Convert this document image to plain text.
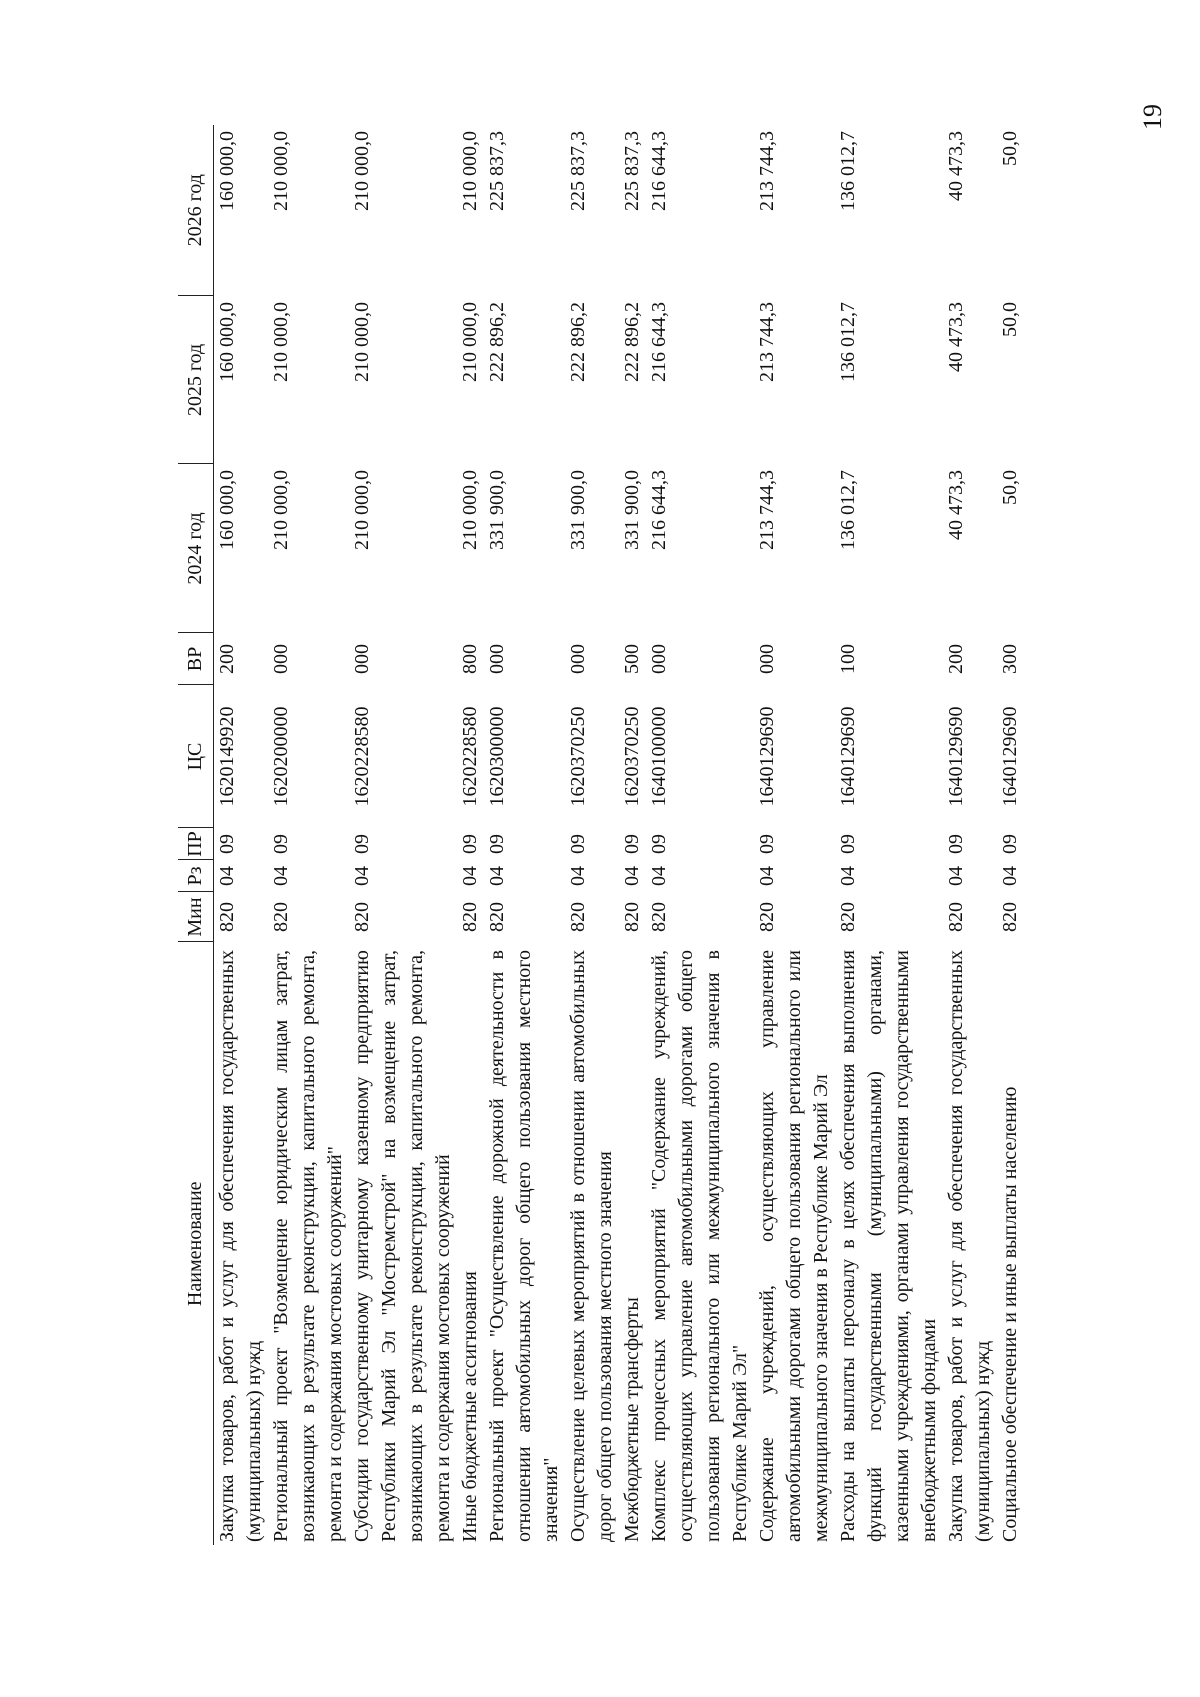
19
Наименование	Мин	Рз	ПР	ЦС	ВР	2024 год	2025 год	2026 год
Закупка товаров, работ и услуг для обеспечения государственных (муниципальных) нужд	820	04	09	1620149920	200	160 000,0	160 000,0	160 000,0
Региональный проект "Возмещение юридическим лицам затрат, возникающих в результате реконструкции, капитального ремонта, ремонта и содержания мостовых сооружений"	820	04	09	1620200000	000	210 000,0	210 000,0	210 000,0
Субсидии государственному унитарному казенному предприятию Республики Марий Эл "Мостремстрой" на возмещение затрат, возникающих в результате реконструкции, капитального ремонта, ремонта и содержания мостовых сооружений	820	04	09	1620228580	000	210 000,0	210 000,0	210 000,0
Иные бюджетные ассигнования	820	04	09	1620228580	800	210 000,0	210 000,0	210 000,0
Региональный проект "Осуществление дорожной деятельности в отношении автомобильных дорог общего пользования местного значения"	820	04	09	1620300000	000	331 900,0	222 896,2	225 837,3
Осуществление целевых мероприятий в отношении автомобильных дорог общего пользования местного значения	820	04	09	1620370250	000	331 900,0	222 896,2	225 837,3
Межбюджетные трансферты	820	04	09	1620370250	500	331 900,0	222 896,2	225 837,3
Комплекс процессных мероприятий "Содержание учреждений, осуществляющих управление автомобильными дорогами общего пользования регионального или межмуниципального значения в Республике Марий Эл"	820	04	09	1640100000	000	216 644,3	216 644,3	216 644,3
Содержание учреждений, осуществляющих управление автомобильными дорогами общего пользования регионального или межмуниципального значения в Республике Марий Эл	820	04	09	1640129690	000	213 744,3	213 744,3	213 744,3
Расходы на выплаты персоналу в целях обеспечения выполнения функций государственными (муниципальными) органами, казенными учреждениями, органами управления государственными внебюджетными фондами	820	04	09	1640129690	100	136 012,7	136 012,7	136 012,7
Закупка товаров, работ и услуг для обеспечения государственных (муниципальных) нужд	820	04	09	1640129690	200	40 473,3	40 473,3	40 473,3
Социальное обеспечение и иные выплаты населению	820	04	09	1640129690	300	50,0	50,0	50,0
